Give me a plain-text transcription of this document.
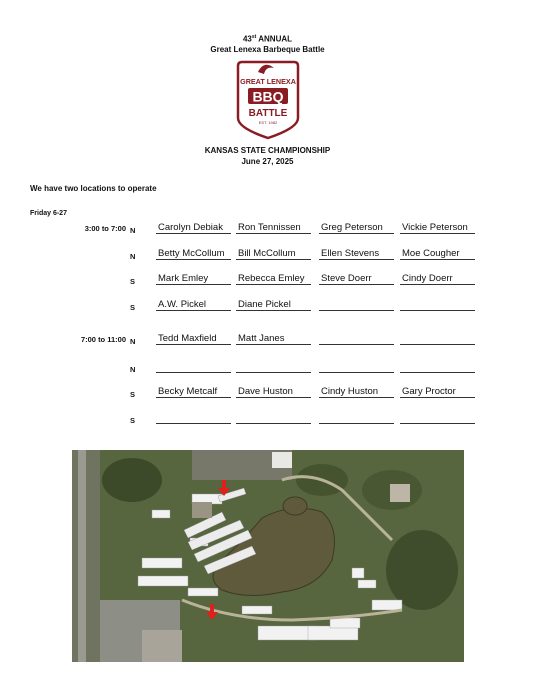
43st ANNUAL
Great Lenexa Barbeque Battle
GREAT LENEXA
BBQ
BATTLE
EST. 1982
KANSAS STATE CHAMPIONSHIP
June 27, 2025
We have two locations to operate
Friday 6-27
3:00 to 7:00 N	Carolyn Debiak	Ron Tennissen	Greg Peterson	Vickie Peterson
N	Betty McCollum	Bill McCollum	Ellen Stevens	Moe Cougher
S	Mark Emley	Rebecca Emley	Steve Doerr	Cindy Doerr
S	A.W. Pickel	Diane Pickel
7:00 to 11:00 N	Tedd Maxfield	Matt Janes
N
S	Becky Metcalf	Dave Huston	Cindy Huston	Gary Proctor
S
